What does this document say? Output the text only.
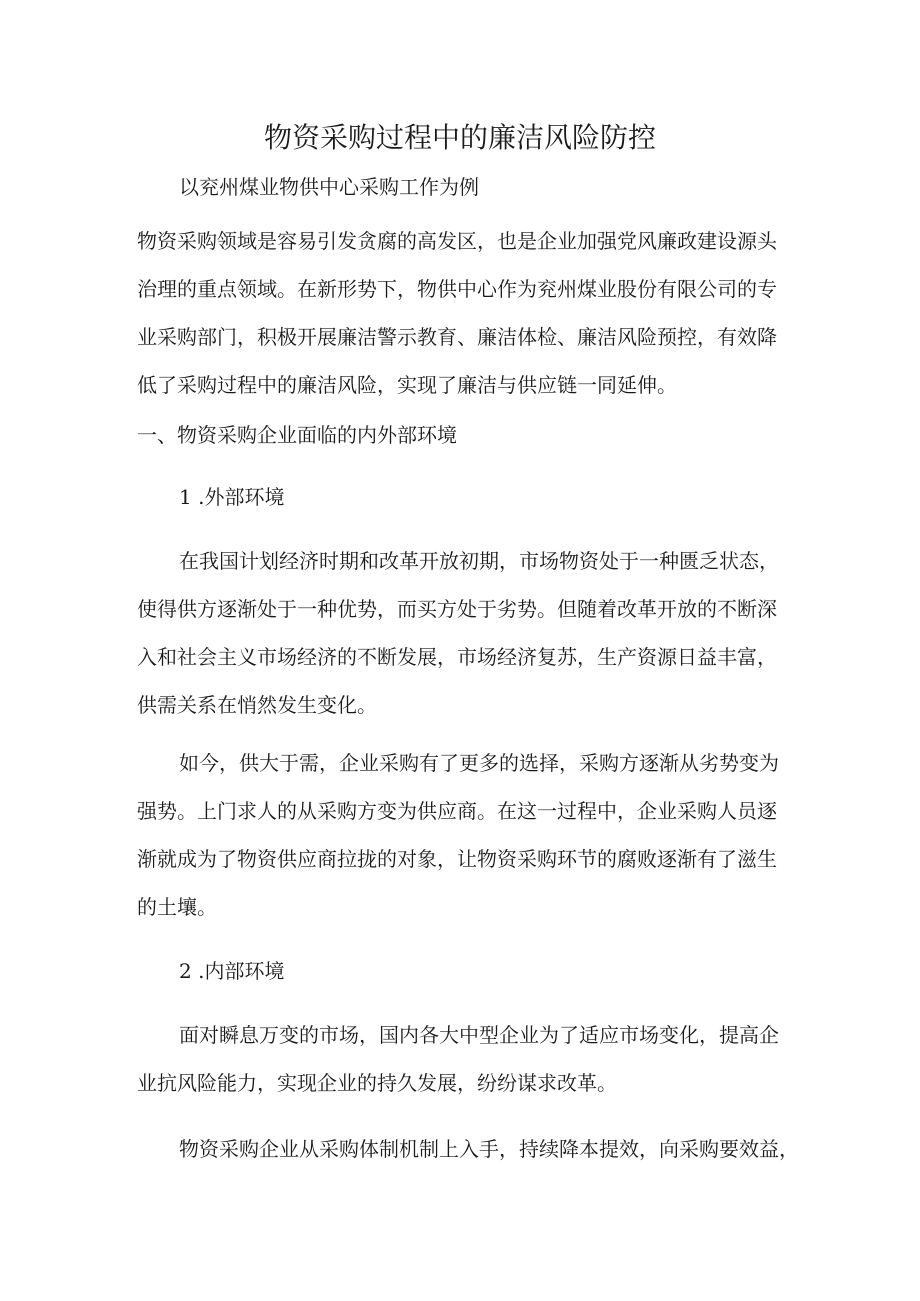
物资采购过程中的廉洁风险防控
以兖州煤业物供中心采购工作为例
物资采购领域是容易引发贪腐的高发区，也是企业加强党风廉政建设源头
治理的重点领域。在新形势下，物供中心作为兖州煤业股份有限公司的专
业采购部门，积极开展廉洁警示教育、廉洁体检、廉洁风险预控，有效降
低了采购过程中的廉洁风险，实现了廉洁与供应链一同延伸。
一、物资采购企业面临的内外部环境
1 .外部环境
在我国计划经济时期和改革开放初期，市场物资处于一种匮乏状态，
使得供方逐渐处于一种优势，而买方处于劣势。但随着改革开放的不断深
入和社会主义市场经济的不断发展，市场经济复苏，生产资源日益丰富，
供需关系在悄然发生变化。
如今，供大于需，企业采购有了更多的选择，采购方逐渐从劣势变为
强势。上门求人的从采购方变为供应商。在这一过程中，企业采购人员逐
渐就成为了物资供应商拉拢的对象，让物资采购环节的腐败逐渐有了滋生
的土壤。
2 .内部环境
面对瞬息万变的市场，国内各大中型企业为了适应市场变化，提高企
业抗风险能力，实现企业的持久发展，纷纷谋求改革。
物资采购企业从采购体制机制上入手，持续降本提效，向采购要效益，
